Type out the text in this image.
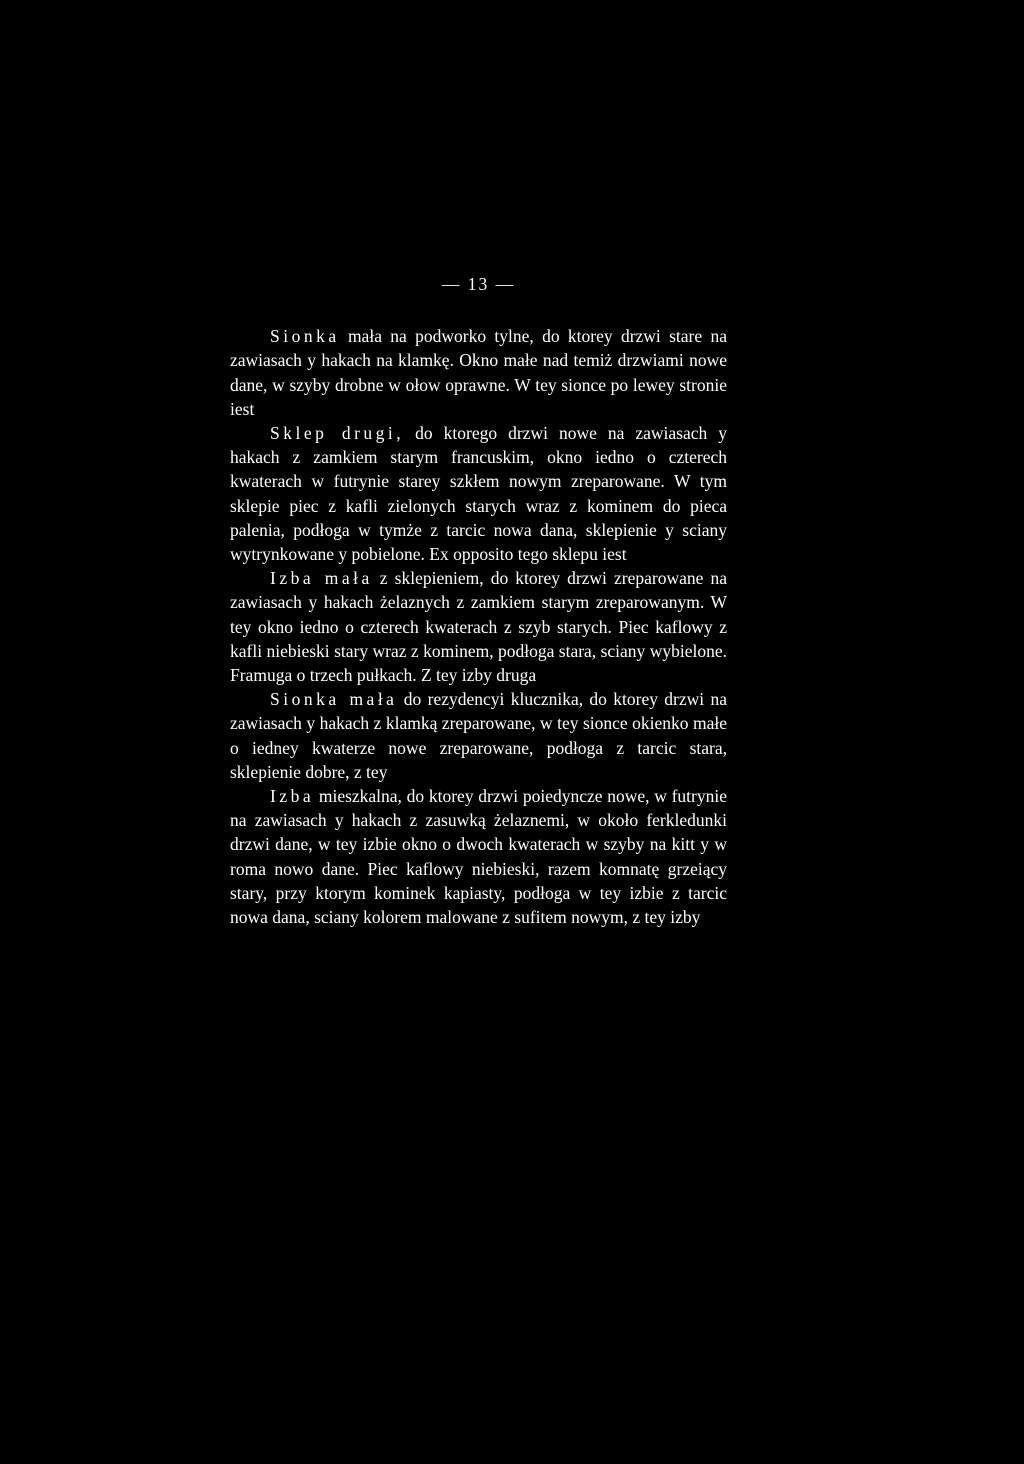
— 13 —

Sionka mała na podworko tylne, do ktorey drzwi stare na zawiasach y hakach na klamkę. Okno małe nad temiż drzwiami nowe dane, w szyby drobne w ołow oprawne. W tey sionce po lewey stronie iest

Sklep drugi, do ktorego drzwi nowe na zawiasach y hakach z zamkiem starym francuskim, okno iedno o czterech kwaterach w futrynie starey szkłem nowym zreparowane. W tym sklepie piec z kafli zielonych starych wraz z kominem do pieca palenia, podłoga w tymże z tarcic nowa dana, sklepienie y sciany wytrynkowane y pobielone. Ex opposito tego sklepu iest

Izba mała z sklepieniem, do ktorey drzwi zreparowane na zawiasach y hakach żelaznych z zamkiem starym zreparowanym. W tey okno iedno o czterech kwaterach z szyb starych. Piec kaflowy z kafli niebieski stary wraz z kominem, podłoga stara, sciany wybielone. Framuga o trzech pułkach. Z tey izby druga

Sionka mała do rezydencyi klucznika, do ktorey drzwi na zawiasach y hakach z klamką zreparowane, w tey sionce okienko małe o iedney kwaterze nowe zreparowane, podłoga z tarcic stara, sklepienie dobre, z tey

Izba mieszkalna, do ktorey drzwi poiedyncze nowe, w futrynie na zawiasach y hakach z zasuwką żelaznemi, w około ferkledunki drzwi dane, w tey izbie okno o dwoch kwaterach w szyby na kitt y w roma nowo dane. Piec kaflowy niebieski, razem komnatę grzeiący stary, przy ktorym kominek kapiasty, podłoga w tey izbie z tarcic nowa dana, sciany kolorem malowane z sufitem nowym, z tey izby
